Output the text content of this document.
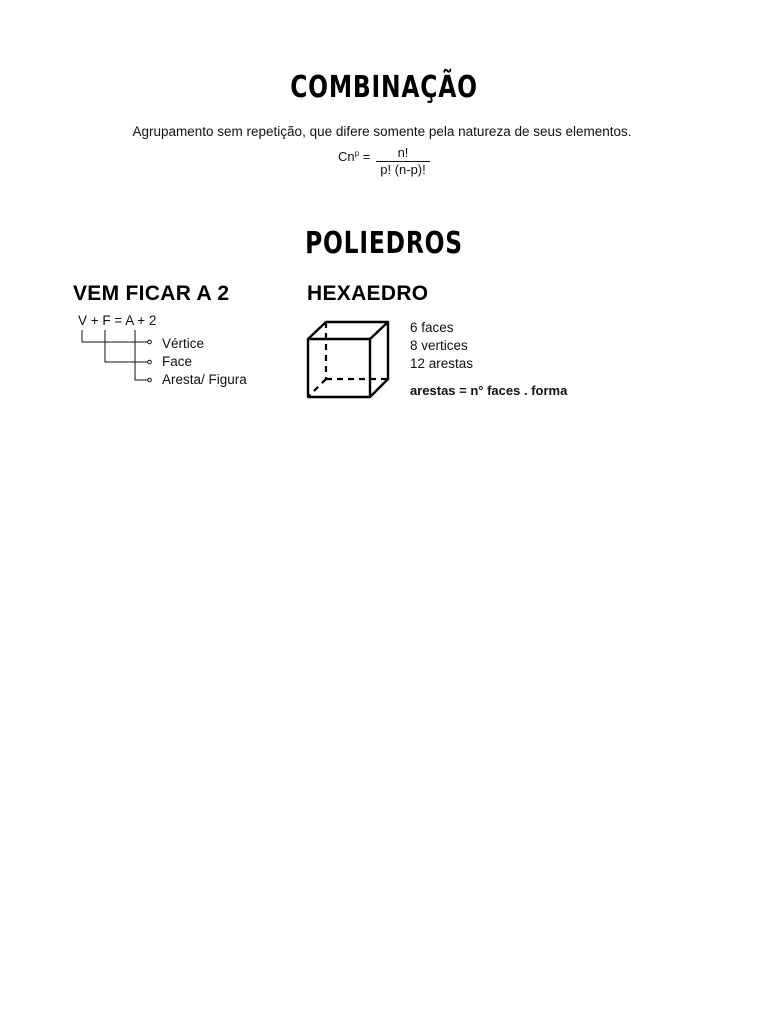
COMBINAÇÃO
Agrupamento sem repetição, que difere somente pela natureza de seus elementos.
$Cn^p = \frac{n!}{p! (n-p)!}$
POLIEDROS
VEM FICAR A 2	HEXAEDRO
V + F = A + 2
Vértice
Face
Aresta/ Figura
6 faces
8 vertices
12 arestas
arestas = n° faces . forma
